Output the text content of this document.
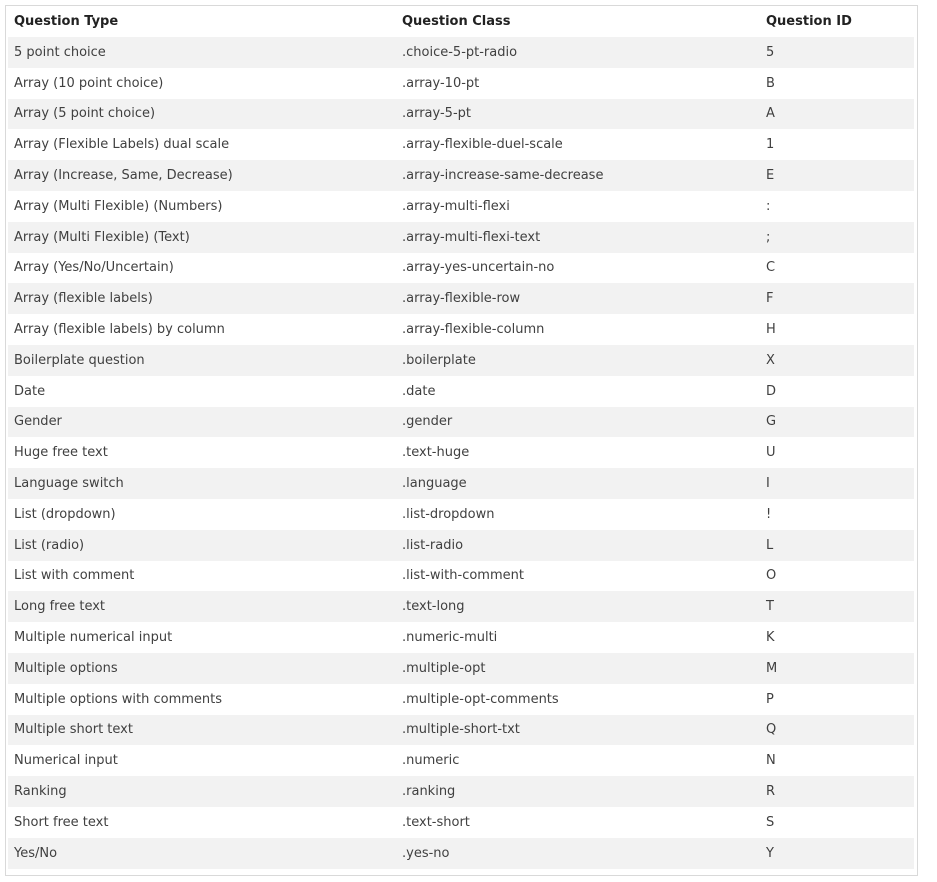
Question Type	Question Class	Question ID
5 point choice	.choice-5-pt-radio	5
Array (10 point choice)	.array-10-pt	B
Array (5 point choice)	.array-5-pt	A
Array (Flexible Labels) dual scale	.array-flexible-duel-scale	1
Array (Increase, Same, Decrease)	.array-increase-same-decrease	E
Array (Multi Flexible) (Numbers)	.array-multi-flexi	:
Array (Multi Flexible) (Text)	.array-multi-flexi-text	;
Array (Yes/No/Uncertain)	.array-yes-uncertain-no	C
Array (flexible labels)	.array-flexible-row	F
Array (flexible labels) by column	.array-flexible-column	H
Boilerplate question	.boilerplate	X
Date	.date	D
Gender	.gender	G
Huge free text	.text-huge	U
Language switch	.language	I
List (dropdown)	.list-dropdown	!
List (radio)	.list-radio	L
List with comment	.list-with-comment	O
Long free text	.text-long	T
Multiple numerical input	.numeric-multi	K
Multiple options	.multiple-opt	M
Multiple options with comments	.multiple-opt-comments	P
Multiple short text	.multiple-short-txt	Q
Numerical input	.numeric	N
Ranking	.ranking	R
Short free text	.text-short	S
Yes/No	.yes-no	Y
